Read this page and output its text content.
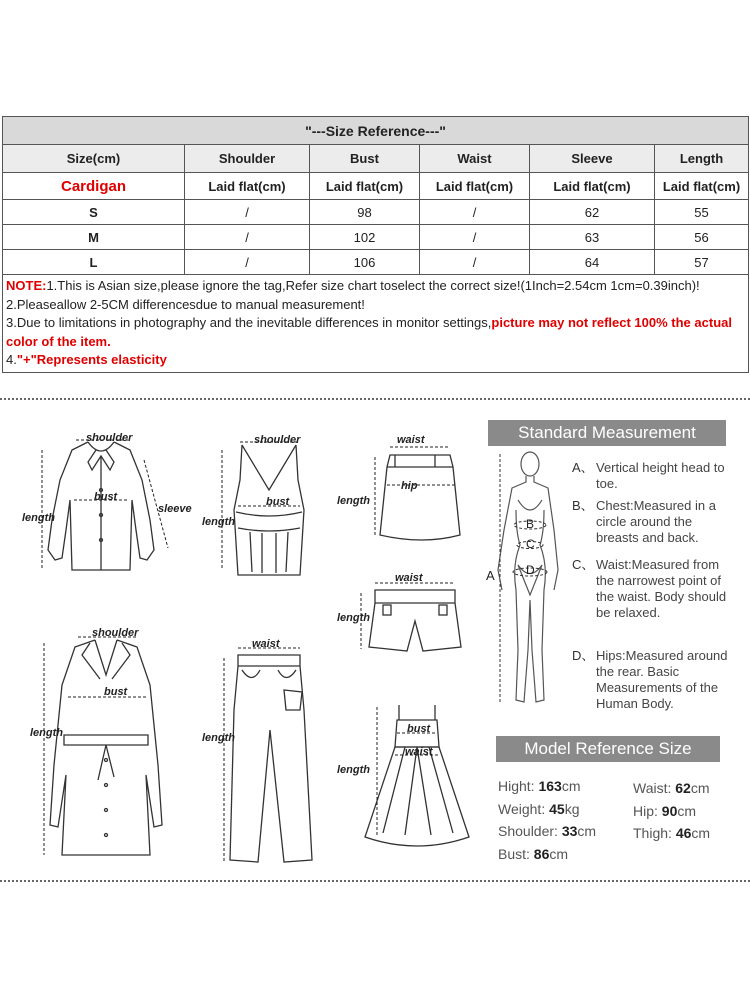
"---Size Reference---"					
Size(cm)	Shoulder	Bust	Waist	Sleeve	Length
Cardigan	Laid flat(cm)	Laid flat(cm)	Laid flat(cm)	Laid flat(cm)	Laid flat(cm)
S	/	98	/	62	55
M	/	102	/	63	56
L	/	106	/	64	57

NOTE:1.This is Asian size,please ignore the tag,Refer size chart toselect the correct size!(1Inch=2.54cm 1cm=0.39inch)!
2.Pleaseallow 2-5CM differencesdue to manual measurement!
3.Due to limitations in photography and the inevitable differences in monitor settings,picture may not reflect 100% the actual color of the item.
4."+"Represents elasticity					
shoulder
bust
sleeve
length
shoulder
bust
length
waist
hip
length
waist
length
shoulder
bust
length
waist
length
bust
waist
length
Standard Measurement
B
C
D
A
A、 Vertical height head to toe.
B、 Chest:Measured in a circle around the breasts and back.
C、 Waist:Measured from the narrowest point of the waist. Body should be relaxed.
D、 Hips:Measured around the rear. Basic Measurements of the Human Body.
Model Reference Size
Hight: 163cm
Weight: 45kg
Shoulder: 33cm
Bust: 86cm
Waist: 62cm
Hip: 90cm
Thigh: 46cm
